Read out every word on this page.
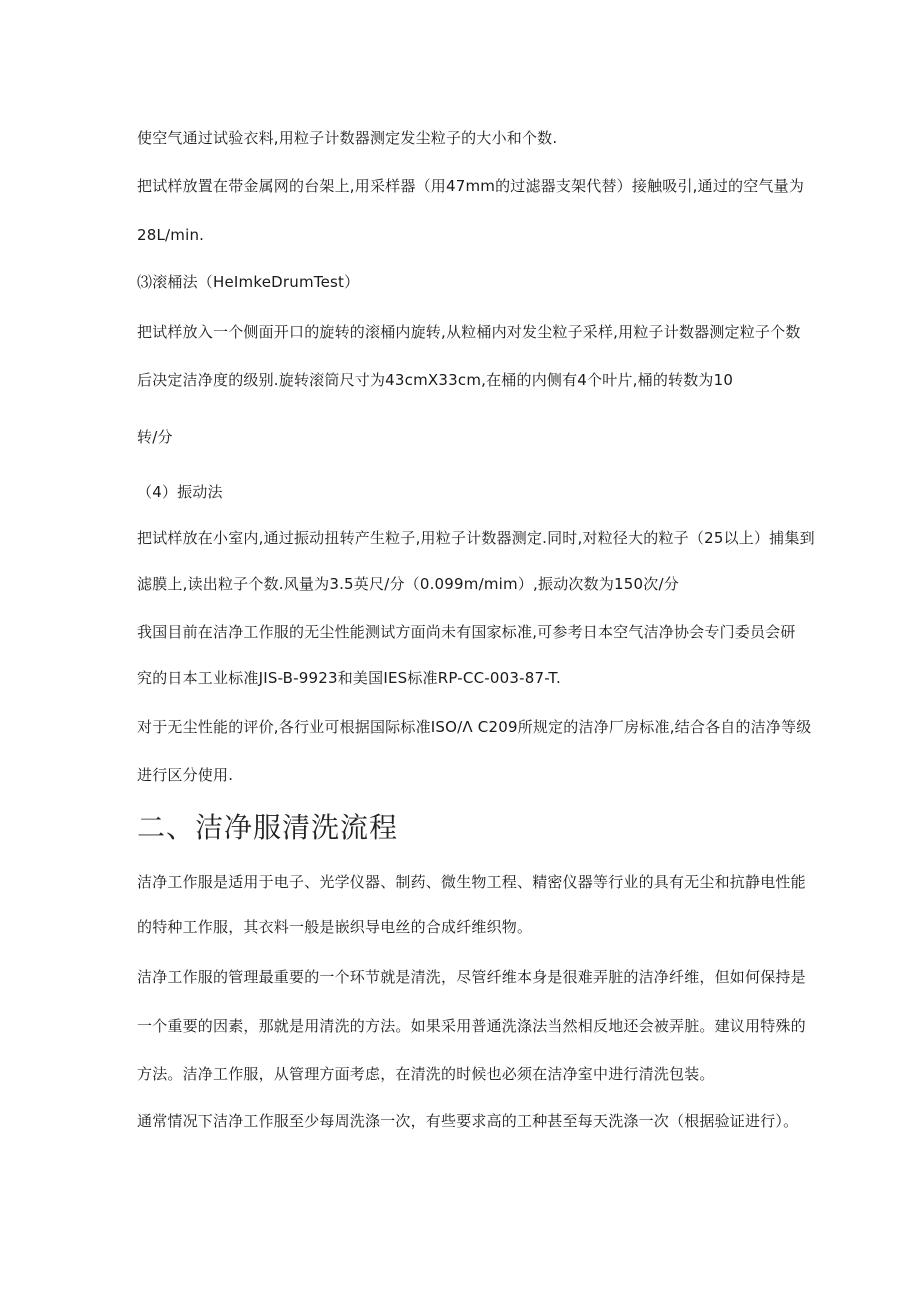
使空气通过试验衣料,用粒子计数器测定发尘粒子的大小和个数.
把试样放置在带金属网的台架上,用采样器（用47mm的过滤器支架代替）接触吸引,通过的空气量为
28L∕min.
⑶滚桶法（HeImkeDrumTest）
把试样放入一个侧面开口的旋转的滚桶内旋转,从粒桶内对发尘粒子采样,用粒子计数器测定粒子个数
后决定洁净度的级别.旋转滚筒尺寸为43cmX33cm,在桶的内侧有4个叶片,桶的转数为10
转/分
（4）振动法
把试样放在小室内,通过振动扭转产生粒子,用粒子计数器测定.同时,对粒径大的粒子（25以上）捕集到
滤膜上,读出粒子个数.风量为3.5英尺/分（0.099m∕mim）,振动次数为150次/分
我国目前在洁净工作服的无尘性能测试方面尚未有国家标准,可参考日本空气洁净协会专门委员会研
究的日本工业标准JIS-B-9923和美国IES标准RP-CC-003-87-T.
对于无尘性能的评价,各行业可根据国际标准ISO∕Λ C209所规定的洁净厂房标准,结合各自的洁净等级
进行区分使用.
二、洁净服清洗流程
洁净工作服是适用于电子、光学仪器、制药、微生物工程、精密仪器等行业的具有无尘和抗静电性能
的特种工作服，其衣料一般是嵌织导电丝的合成纤维织物。
洁净工作服的管理最重要的一个环节就是清洗，尽管纤维本身是很难弄脏的洁净纤维，但如何保持是
一个重要的因素，那就是用清洗的方法。如果采用普通洗涤法当然相反地还会被弄脏。建议用特殊的
方法。洁净工作服，从管理方面考虑，在清洗的时候也必须在洁净室中进行清洗包装。
通常情况下洁净工作服至少每周洗涤一次，有些要求高的工种甚至每天洗涤一次（根据验证进行）。
